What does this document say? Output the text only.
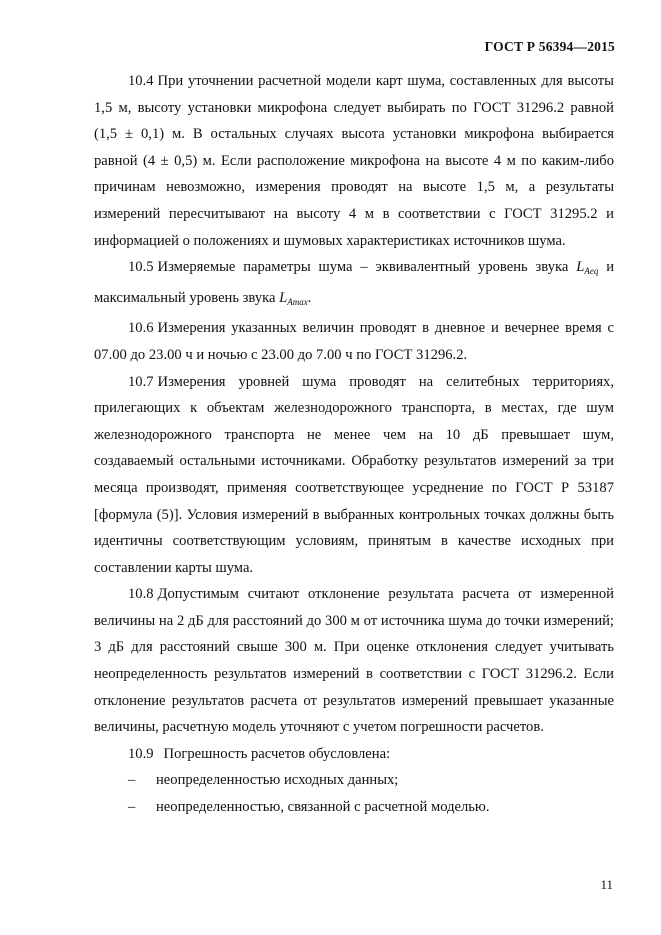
ГОСТ Р 56394—2015

10.4 При уточнении расчетной модели карт шума, составленных для высоты 1,5 м, высоту установки микрофона следует выбирать по ГОСТ 31296.2 равной (1,5 ± 0,1) м. В остальных случаях высота установки микрофона выбирается равной (4 ± 0,5) м. Если расположение микрофона на высоте 4 м по каким-либо причинам невозможно, измерения проводят на высоте 1,5 м, а результаты измерений пересчитывают на высоту 4 м в соответствии с ГОСТ 31295.2 и информацией о положениях и шумовых характеристиках источников шума.

10.5 Измеряемые параметры шума – эквивалентный уровень звука $L_{Aeq}$ и максимальный уровень звука $L_{Amax}$.

10.6 Измерения указанных величин проводят в дневное и вечернее время с 07.00 до 23.00 ч и ночью с 23.00 до 7.00 ч по ГОСТ 31296.2.

10.7 Измерения уровней шума проводят на селитебных территориях, прилегающих к объектам железнодорожного транспорта, в местах, где шум железнодорожного транспорта не менее чем на 10 дБ превышает шум, создаваемый остальными источниками. Обработку результатов измерений за три месяца производят, применяя соответствующее усреднение по ГОСТ Р 53187 [формула (5)]. Условия измерений в выбранных контрольных точках должны быть идентичны соответствующим условиям, принятым в качестве исходных при составлении карты шума.

10.8 Допустимым считают отклонение результата расчета от измеренной величины на 2 дБ для расстояний до 300 м от источника шума до точки измерений; 3 дБ для расстояний свыше 300 м. При оценке отклонения следует учитывать неопределенность результатов измерений в соответствии с ГОСТ 31296.2. Если отклонение результатов расчета от результатов измерений превышает указанные величины, расчетную модель уточняют с учетом погрешности расчетов.

10.9 Погрешность расчетов обусловлена:

– неопределенностью исходных данных;

– неопределенностью, связанной с расчетной моделью.

11
